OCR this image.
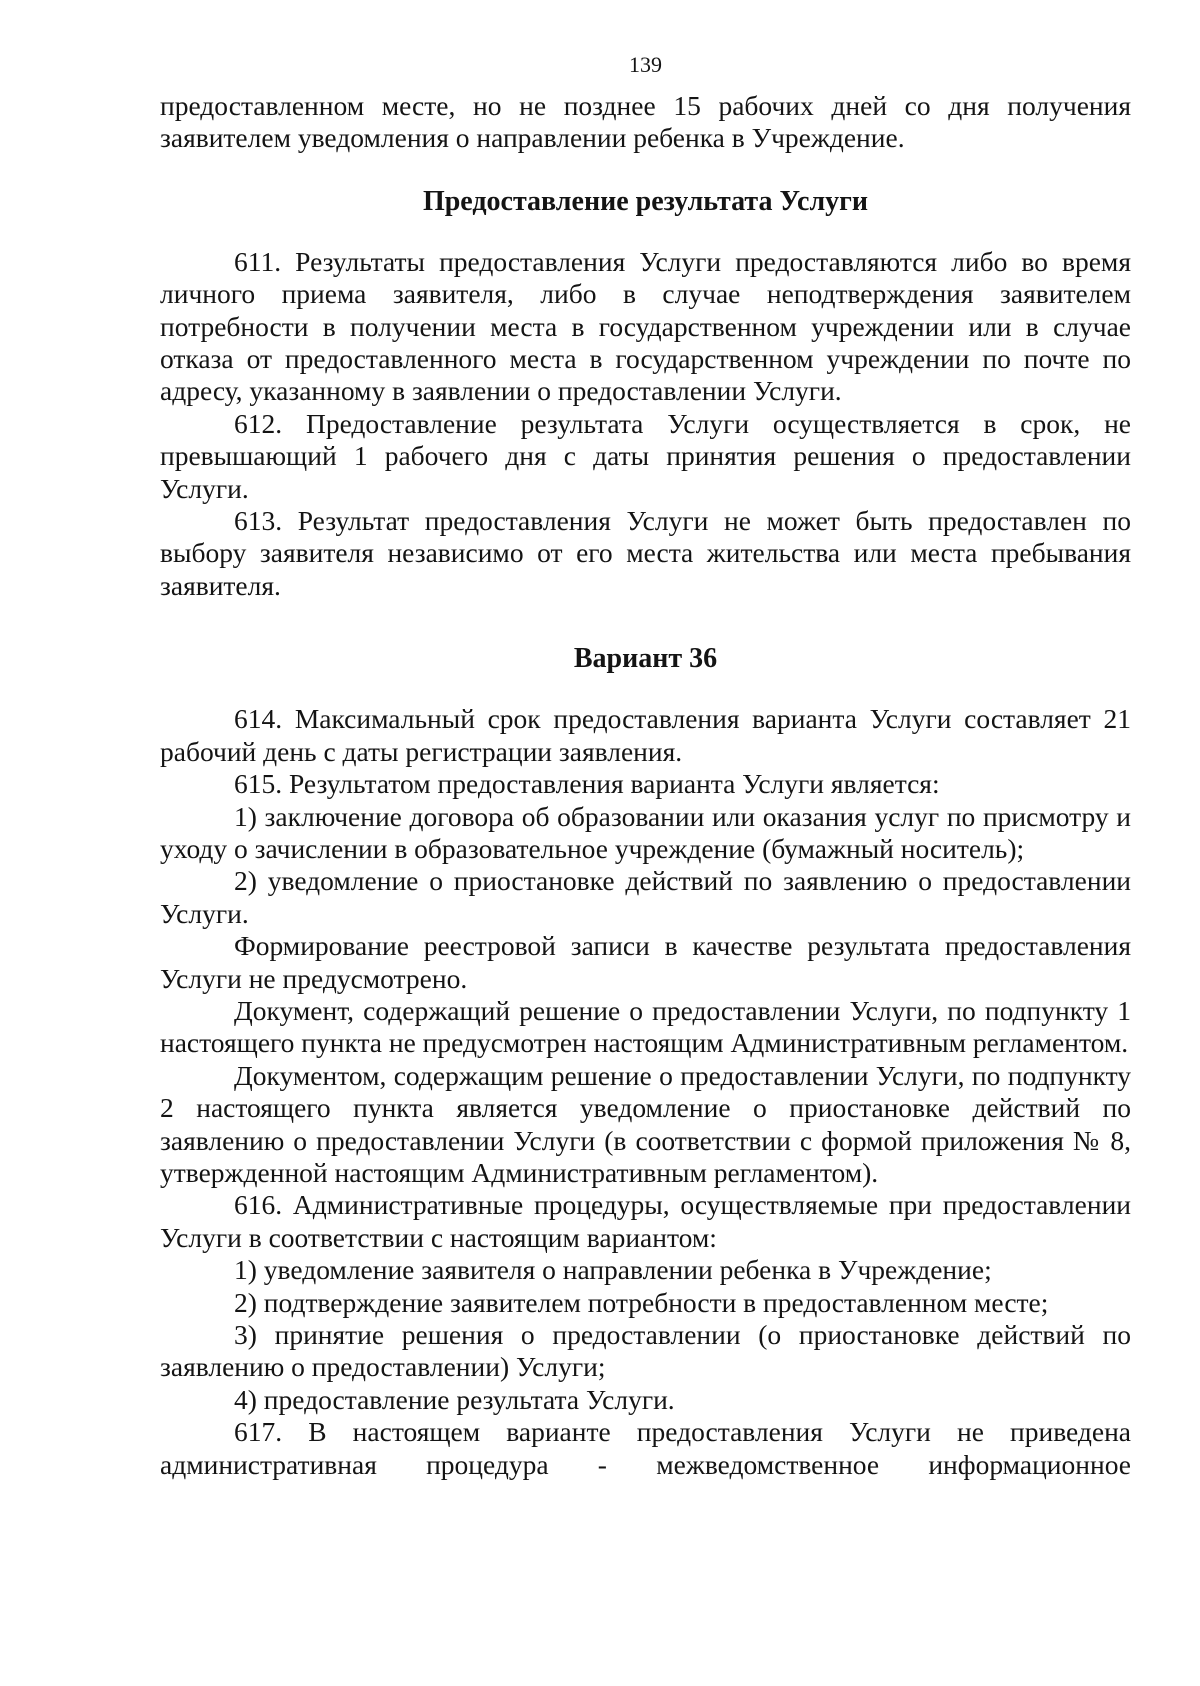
139

предоставленном месте, но не позднее 15 рабочих дней со дня получения заявителем уведомления о направлении ребенка в Учреждение.

Предоставление результата Услуги

611. Результаты предоставления Услуги предоставляются либо во время личного приема заявителя, либо в случае неподтверждения заявителем потребности в получении места в государственном учреждении или в случае отказа от предоставленного места в государственном учреждении по почте по адресу, указанному в заявлении о предоставлении Услуги.

612. Предоставление результата Услуги осуществляется в срок, не превышающий 1 рабочего дня с даты принятия решения о предоставлении Услуги.

613. Результат предоставления Услуги не может быть предоставлен по выбору заявителя независимо от его места жительства или места пребывания заявителя.

Вариант 36

614. Максимальный срок предоставления варианта Услуги составляет 21 рабочий день с даты регистрации заявления.

615. Результатом предоставления варианта Услуги является:

1) заключение договора об образовании или оказания услуг по присмотру и уходу о зачислении в образовательное учреждение (бумажный носитель);

2) уведомление о приостановке действий по заявлению о предоставлении Услуги.

Формирование реестровой записи в качестве результата предоставления Услуги не предусмотрено.

Документ, содержащий решение о предоставлении Услуги, по подпункту 1 настоящего пункта не предусмотрен настоящим Административным регламентом.

Документом, содержащим решение о предоставлении Услуги, по подпункту 2 настоящего пункта является уведомление о приостановке действий по заявлению о предоставлении Услуги (в соответствии с формой приложения № 8, утвержденной настоящим Административным регламентом).

616. Административные процедуры, осуществляемые при предоставлении Услуги в соответствии с настоящим вариантом:

1) уведомление заявителя о направлении ребенка в Учреждение;

2) подтверждение заявителем потребности в предоставленном месте;

3) принятие решения о предоставлении (о приостановке действий по заявлению о предоставлении) Услуги;

4) предоставление результата Услуги.

617. В настоящем варианте предоставления Услуги не приведена административная процедура - межведомственное информационное
